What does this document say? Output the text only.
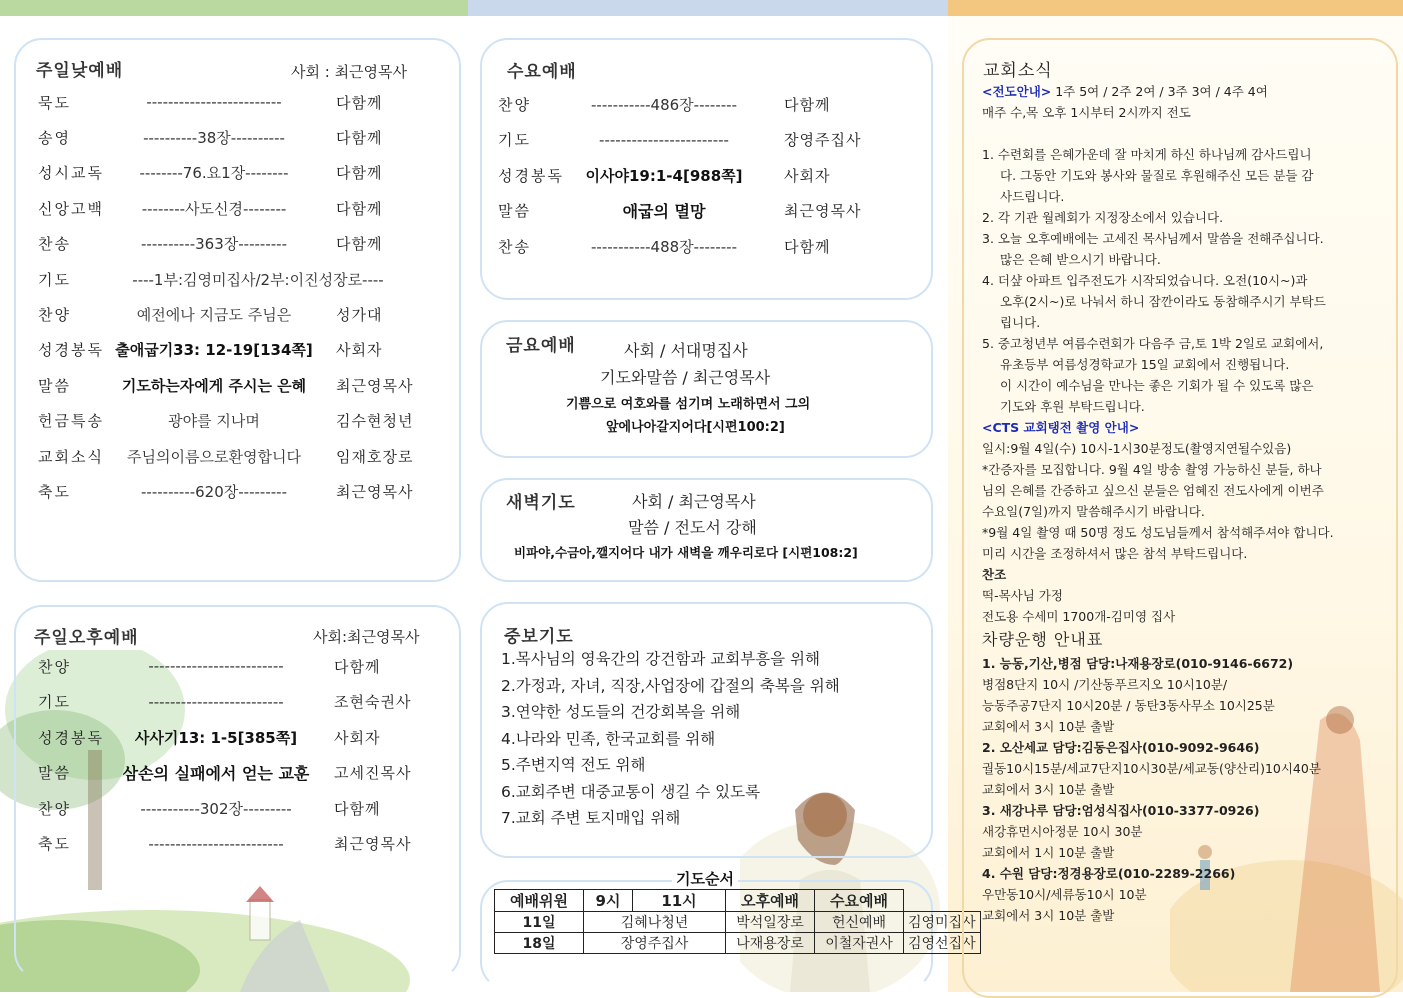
주일낮예배	사회 : 최근영목사
묵도	-------------------------	다함께
송영	----------38장----------	다함께
성시교독	--------76.요1장--------	다함께
신앙고백	--------사도신경--------	다함께
찬송	----------363장---------	다함께
기도	----1부:김영미집사/2부:이진성장로----
찬양	예전에나 지금도 주님은	성가대
성경봉독 출애굽기33: 12-19[134쪽]	사회자
말씀	기도하는자에게 주시는 은혜	최근영목사
헌금특송	광야를 지나며	김수현청년
교회소식	주님의이름으로환영합니다	임재호장로
축도	----------620장---------	최근영목사
주일오후예배	사회:최근영목사
찬양	-------------------------	다함께
기도	-------------------------	조현숙권사
성경봉독	사사기13: 1-5[385쪽]	사회자
말씀	삼손의 실패에서 얻는 교훈	고세진목사
찬양	-----------302장---------	다함께
축도	-------------------------	최근영목사
수요예배
찬양	-----------486장--------	다함께
기도	------------------------	장영주집사
성경봉독	이사야19:1-4[988쪽]	사회자
말씀	애굽의 멸망	최근영목사
찬송	-----------488장--------	다함께
금요예배	사회 / 서대명집사
기도와말씀 / 최근영목사
기쁨으로 여호와를 섬기며 노래하면서 그의
앞에나아갈지어다[시편100:2]
새벽기도	사회 / 최근영목사
말씀 / 전도서 강해
비파야,수금아,깰지어다 내가 새벽을 깨우리로다 [시편108:2]
중보기도
1.목사님의 영육간의 강건함과 교회부흥을 위해
2.가정과, 자녀, 직장,사업장에 갑절의 축복을 위해
3.연약한 성도들의 건강회복을 위해
4.나라와 민족, 한국교회를 위해
5.주변지역 전도 위해
6.교회주변 대중교통이 생길 수 있도록
7.교회 주변 토지매입 위해
기도순서
예배위원	9시	11시	오후예배	수요예배	
11일	김혜나청년		박석일장로	헌신예배	김영미집사
18일	장영주집사		나재용장로	이철자권사	김영선집사
교회소식

<전도안내> 1주 5여 / 2주 2여 / 3주 3여 / 4주 4여

매주 수,목 오후 1시부터 2시까지 전도

1. 수련회를 은혜가운데 잘 마치게 하신 하나님께 감사드립니

다. 그동안 기도와 봉사와 물질로 후원해주신 모든 분들 감

사드립니다.

2. 각 기관 월례회가 지정장소에서 있습니다.

3. 오늘 오후예배에는 고세진 목사님께서 말씀을 전해주십니다.

많은 은혜 받으시기 바랍니다.

4. 더샾 아파트 입주전도가 시작되었습니다. 오전(10시~)과

오후(2시~)로 나눠서 하니 잠깐이라도 동참해주시기 부탁드

립니다.

5. 중고청년부 여름수련회가 다음주 금,토 1박 2일로 교회에서,

유초등부 여름성경학교가 15일 교회에서 진행됩니다.

이 시간이 예수님을 만나는 좋은 기회가 될 수 있도록 많은

기도와 후원 부탁드립니다.

<CTS 교회탱전 촬영 안내>

일시:9월 4일(수) 10시-1시30분정도(촬영지연될수있음)

*간증자를 모집합니다. 9월 4일 방송 촬영 가능하신 분들, 하나

님의 은혜를 간증하고 싶으신 분들은 엄혜진 전도사에게 이번주

수요일(7일)까지 말씀해주시기 바랍니다.

*9월 4일 촬영 때 50명 정도 성도님들께서 참석해주셔야 합니다.

미리 시간을 조정하셔서 많은 참석 부탁드립니다.

찬조

떡-목사님 가정

전도용 수세미 1700개-김미영 집사

차량운행 안내표

1. 능동,기산,병점 담당:나재용장로(010-9146-6672)

병점8단지 10시 /기산동푸르지오 10시10분/

능동주공7단지 10시20분 / 동탄3동사무소 10시25분

교회에서 3시 10분 출발

2. 오산세교 담당:김동은집사(010-9092-9646)

궐동10시15분/세교7단지10시30분/세교동(양산리)10시40분

교회에서 3시 10분 출발

3. 새강나루 담당:엄성식집사(010-3377-0926)

새강휴먼시아정문 10시 30분

교회에서 1시 10분 출발

4. 수원 담당:정경용장로(010-2289-2266)

우만동10시/세류동10시 10분

교회에서 3시 10분 출발
